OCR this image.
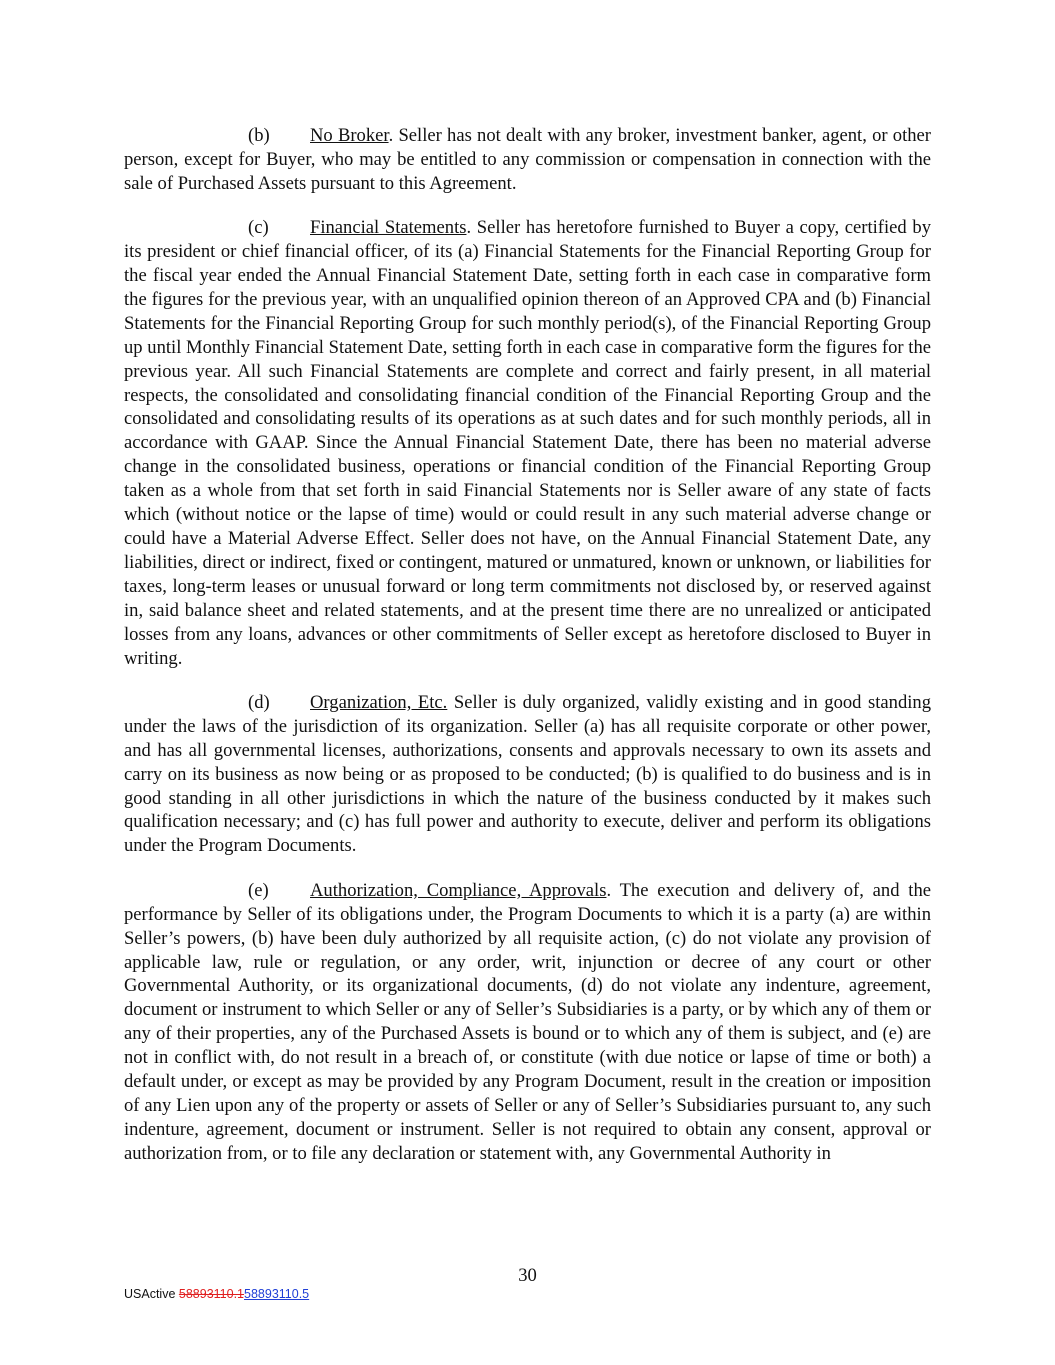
(b) No Broker. Seller has not dealt with any broker, investment banker, agent, or other person, except for Buyer, who may be entitled to any commission or compensation in connection with the sale of Purchased Assets pursuant to this Agreement.

(c) Financial Statements. Seller has heretofore furnished to Buyer a copy, certified by its president or chief financial officer, of its (a) Financial Statements for the Financial Reporting Group for the fiscal year ended the Annual Financial Statement Date, setting forth in each case in comparative form the figures for the previous year, with an unqualified opinion thereon of an Approved CPA and (b) Financial Statements for the Financial Reporting Group for such monthly period(s), of the Financial Reporting Group up until Monthly Financial Statement Date, setting forth in each case in comparative form the figures for the previous year. All such Financial Statements are complete and correct and fairly present, in all material respects, the consolidated and consolidating financial condition of the Financial Reporting Group and the consolidated and consolidating results of its operations as at such dates and for such monthly periods, all in accordance with GAAP. Since the Annual Financial Statement Date, there has been no material adverse change in the consolidated business, operations or financial condition of the Financial Reporting Group taken as a whole from that set forth in said Financial Statements nor is Seller aware of any state of facts which (without notice or the lapse of time) would or could result in any such material adverse change or could have a Material Adverse Effect. Seller does not have, on the Annual Financial Statement Date, any liabilities, direct or indirect, fixed or contingent, matured or unmatured, known or unknown, or liabilities for taxes, long-term leases or unusual forward or long term commitments not disclosed by, or reserved against in, said balance sheet and related statements, and at the present time there are no unrealized or anticipated losses from any loans, advances or other commitments of Seller except as heretofore disclosed to Buyer in writing.

(d) Organization, Etc. Seller is duly organized, validly existing and in good standing under the laws of the jurisdiction of its organization. Seller (a) has all requisite corporate or other power, and has all governmental licenses, authorizations, consents and approvals necessary to own its assets and carry on its business as now being or as proposed to be conducted; (b) is qualified to do business and is in good standing in all other jurisdictions in which the nature of the business conducted by it makes such qualification necessary; and (c) has full power and authority to execute, deliver and perform its obligations under the Program Documents.

(e) Authorization, Compliance, Approvals. The execution and delivery of, and the performance by Seller of its obligations under, the Program Documents to which it is a party (a) are within Seller’s powers, (b) have been duly authorized by all requisite action, (c) do not violate any provision of applicable law, rule or regulation, or any order, writ, injunction or decree of any court or other Governmental Authority, or its organizational documents, (d) do not violate any indenture, agreement, document or instrument to which Seller or any of Seller’s Subsidiaries is a party, or by which any of them or any of their properties, any of the Purchased Assets is bound or to which any of them is subject, and (e) are not in conflict with, do not result in a breach of, or constitute (with due notice or lapse of time or both) a default under, or except as may be provided by any Program Document, result in the creation or imposition of any Lien upon any of the property or assets of Seller or any of Seller’s Subsidiaries pursuant to, any such indenture, agreement, document or instrument. Seller is not required to obtain any consent, approval or authorization from, or to file any declaration or statement with, any Governmental Authority in

30
USActive 58893110.158893110.5
